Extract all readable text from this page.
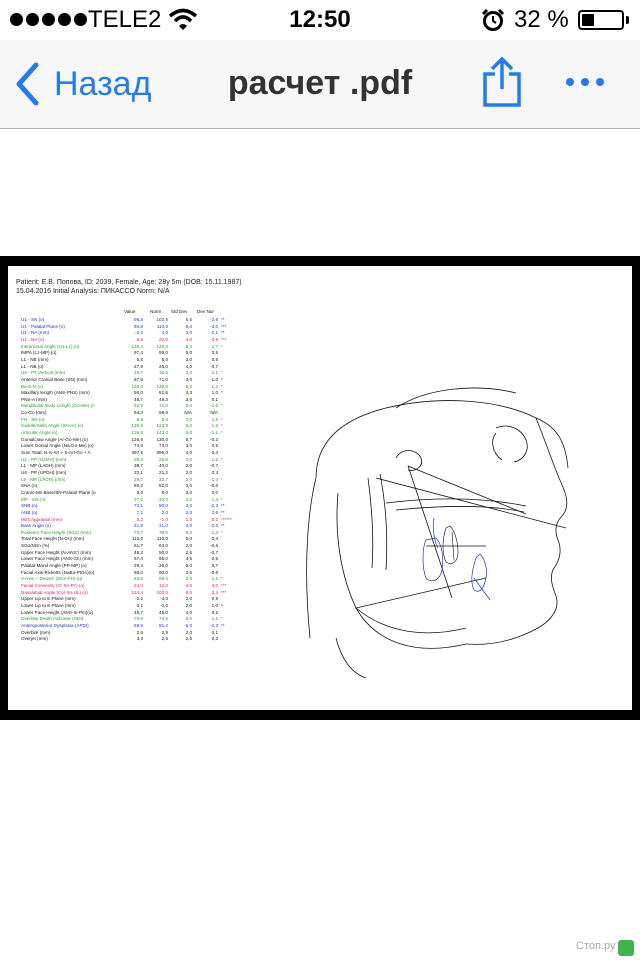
TELE2	12:50	32 %
Назад	расчет .pdf
Patient: Е.В. Попова, ID: 2039, Female, Age: 28y 5m (DOB: 15.11.1987)
15.04.2016 Initial Analysis: ПИКАССО Norm: N/A
Value	Norm Std Dev Dev Nor
U1 - SN (o)	96,8	102,5	5,5	-2,9 **
U1 - Palatal Plane (o)	94,8	110,0	5,0	-3,0 ***
U1 - NA (mm)	-2,2	4,0	3,0	-2,1 **
U1 - NA (o)	6,6	22,0	4,0	-3,9 ***
Interincisal Angle (U1-L1) (o)	138,4	130,0	5,0	1,7 *
IMPA (L1-MP) (o)	97,4	95,0	5,0	0,5
L1 - NB (mm)	6,5	5,0	3,0	0,5
L1 - NB (o)	27,9	25,0	4,0	0,7
U6 - PT Vertical (mm)	19,7	16,5	3,0	1,1 *
Anterior Cranial Base (SN) (mm)	67,9	71,0	3,0	-1,0 *
Ba-S-N (o)	136,0	130,0	5,0	1,2 *
Maxillary length (ANS-PNS) (mm)	56,0	51,6	4,3	1,0 *
PNS-A (mm)	49,7	49,3	3,5	0,1
Mandibular Body Length (Go-Me) (n	62,9	71,0	5,0	-1,6 *
Co-Go (mm)	54,3	58,9	N/A	N/A
FH - SN (o)	8,6	5,0	2,0	1,8 *
Saddle/Sella Angle (SN-Ar) (o)	130,8	123,0	5,0	1,6 *
Articular Angle (o)	136,6	143,0	6,0	-1,1 *
Gonial/Jaw Angle (Ar-Go-Me) (o)	128,6	130,0	6,7	-0,2
Lower Gonial Angle (Na-Go-Me) (o)	74,6	73,0	3,0	0,5
Sum Total: N-S-Art + S-Art-Go + A	397,5	396,0	4,0	0,4
U1 - PP (UADH) (mm)	28,3	25,8	2,0	1,2 *
L1 - MP (LADH) (mm)	38,7	40,0	2,0	-0,7
U6 - PP (UPDH) (mm)	22,1	21,2	2,0	0,4
L6 - MP (LPDH) (mm)	29,7	32,7	2,0	-1,4 *
SNA (o)	80,2	82,0	3,0	-0,6
Cranio-Mx Base/SN-Palatal Plane (o	8,0	8,0	3,0	0,0
MP - SN (o)	37,5	32,0	4,0	1,4 *
SNB (o)	73,1	80,0	3,0	-2,3 **
ANB (o)	7,1	2,0	2,0	2,6 **
Wits Appraisal (mm)	5,2	-1,0	1,0	6,2 ******
Bass Angle (o)	21,8	31,0	4,0	-2,3 **
Posterior Face Height (SGo) (mm)	70,7	79,0	6,0	-1,4 *
Total Face Height (N-Gn) (mm)	112,0	110,0	5,0	0,4
SGo/NGn (%)	61,7	63,0	2,0	-0,6
Upper Face Height (N-ANS') (mm)	48,3	50,0	2,5	-0,7
Lower Face Height (ANS-Gn) (mm)	67,4	65,0	4,5	0,5
Palatal-Mand Angle (PP-MP) (o)	29,4	25,0	6,0	0,7
Facial Axis-Ricketts (NaBa-PtGn)(o)	88,0	90,0	3,5	-0,6
Y-Axis -- Downs' (SGn-FH) (o)	63,6	59,4	3,8	1,1 *
Facial Convexity (G'-Sn-Pr') (o)	24,0	12,0	4,0	3,0 ***
Nasolabial Angle (Col-Sn-UL) (o)	124,4	102,0	8,0	3,4 ***
Upper Lip to E-Plane (mm)	-2,2	-4,0	2,0	0,9
Lower Lip to E-Plane (mm)	0,1	-2,0	2,0	1,0 *
Lower Face Height (ANS-Xi-Pm)(o)	45,7	45,0	4,0	0,2
Overbite Depth Indicator (ODI)	79,8	74,5	5,0	1,1 *
Anteroposterior Dysplasia (APDI)	69,9	81,4	5,0	-2,3 **
Overbite (mm)	2,6	2,5	2,0	0,1
Overjet (mm)	3,3	2,5	2,5	0,3
Стоп.ру
